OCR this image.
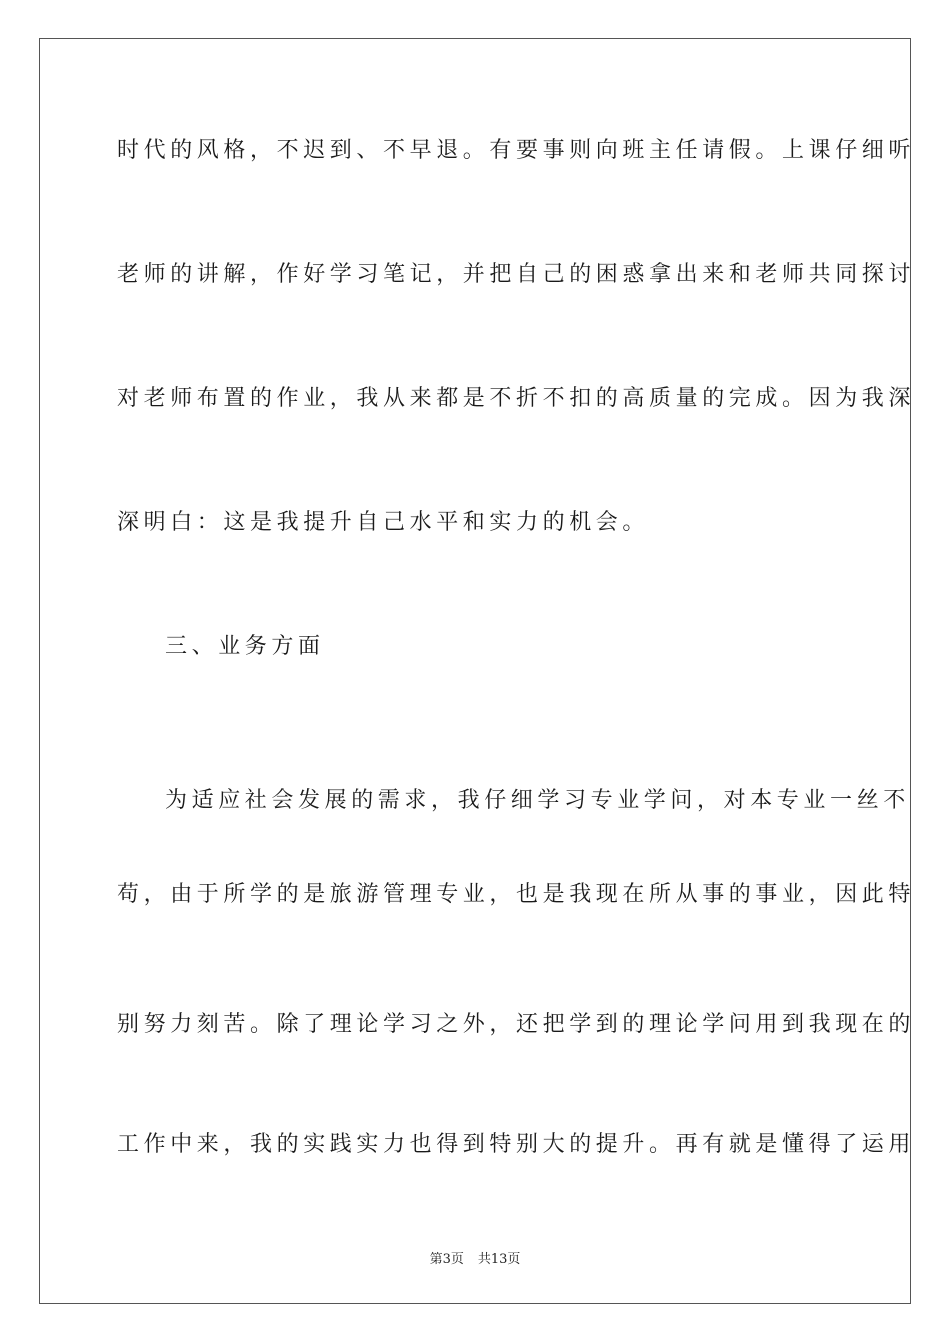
时代的风格，不迟到、不早退。有要事则向班主任请假。上课仔细听
老师的讲解，作好学习笔记，并把自己的困惑拿出来和老师共同探讨
对老师布置的作业，我从来都是不折不扣的高质量的完成。因为我深
深明白：这是我提升自己水平和实力的机会。
三、业务方面
为适应社会发展的需求，我仔细学习专业学问，对本专业一丝不
苟，由于所学的是旅游管理专业，也是我现在所从事的事业，因此特
别努力刻苦。除了理论学习之外，还把学到的理论学问用到我现在的
工作中来，我的实践实力也得到特别大的提升。再有就是懂得了运用
第3页 共13页
